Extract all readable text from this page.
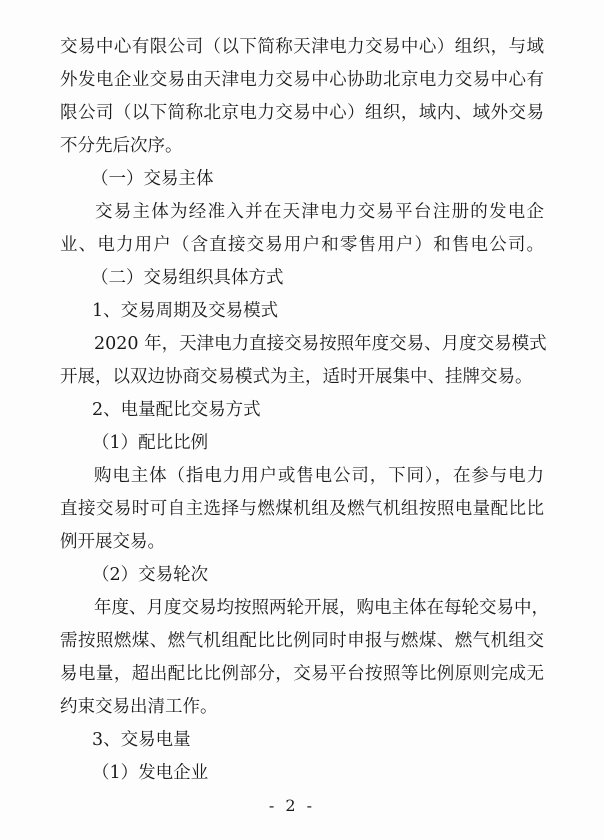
交易中心有限公司（以下简称天津电力交易中心）组织，与域
外发电企业交易由天津电力交易中心协助北京电力交易中心有
限公司（以下简称北京电力交易中心）组织，域内、域外交易
不分先后次序。
（一）交易主体
交易主体为经准入并在天津电力交易平台注册的发电企
业、电力用户（含直接交易用户和零售用户）和售电公司。
（二）交易组织具体方式
1、交易周期及交易模式
2020 年，天津电力直接交易按照年度交易、月度交易模式
开展，以双边协商交易模式为主，适时开展集中、挂牌交易。
2、电量配比交易方式
（1）配比比例
购电主体（指电力用户或售电公司，下同），在参与电力
直接交易时可自主选择与燃煤机组及燃气机组按照电量配比比
例开展交易。
（2）交易轮次
年度、月度交易均按照两轮开展，购电主体在每轮交易中，
需按照燃煤、燃气机组配比比例同时申报与燃煤、燃气机组交
易电量，超出配比比例部分，交易平台按照等比例原则完成无
约束交易出清工作。
3、交易电量
（1）发电企业
- 2 -
